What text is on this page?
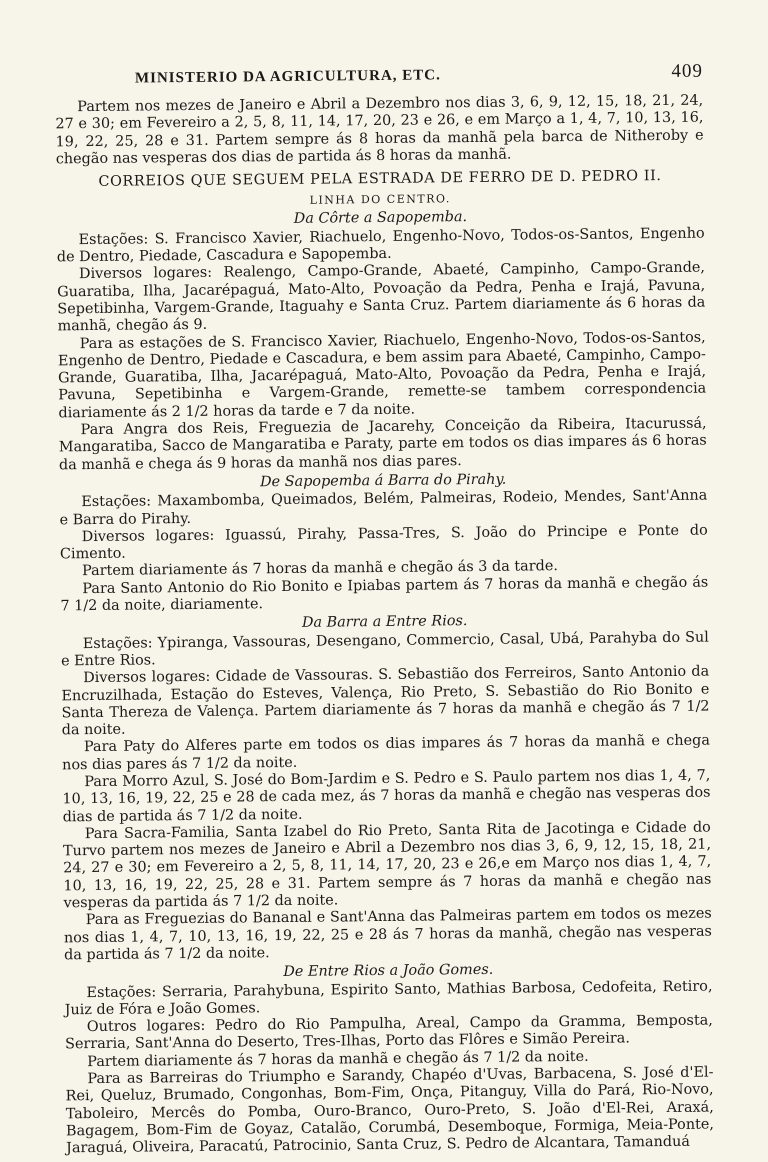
MINISTERIO DA AGRICULTURA, ETC.	409

Partem nos mezes de Janeiro e Abril a Dezembro nos dias 3, 6, 9, 12, 15, 18, 21, 24, 27 e 30; em Fevereiro a 2, 5, 8, 11, 14, 17, 20, 23 e 26, e em Março a 1, 4, 7, 10, 13, 16, 19, 22, 25, 28 e 31. Partem sempre ás 8 horas da manhã pela barca de Nitheroby e chegão nas vesperas dos dias de partida ás 8 horas da manhã.

CORREIOS QUE SEGUEM PELA ESTRADA DE FERRO DE D. PEDRO II.
LINHA DO CENTRO.
Da Côrte a Sapopemba.

Estações: S. Francisco Xavier, Riachuelo, Engenho-Novo, Todos-os-Santos, Engenho de Dentro, Piedade, Cascadura e Sapopemba.

Diversos logares: Realengo, Campo-Grande, Abaeté, Campinho, Campo-Grande, Guaratiba, Ilha, Jacarépaguá, Mato-Alto, Povoação da Pedra, Penha e Irajá, Pavuna, Sepetibinha, Vargem-Grande, Itaguahy e Santa Cruz. Partem diariamente ás 6 horas da manhã, chegão ás 9.

Para as estações de S. Francisco Xavier, Riachuelo, Engenho-Novo, Todos-os-Santos, Engenho de Dentro, Piedade e Cascadura, e bem assim para Abaeté, Campinho, Campo-Grande, Guaratiba, Ilha, Jacarépaguá, Mato-Alto, Povoação da Pedra, Penha e Irajá, Pavuna, Sepetibinha e Vargem-Grande, remette-se tambem correspondencia diariamente ás 2 1/2 horas da tarde e 7 da noite.

Para Angra dos Reis, Freguezia de Jacarehy, Conceição da Ribeira, Itacurussá, Mangaratiba, Sacco de Mangaratiba e Paraty, parte em todos os dias impares ás 6 horas da manhã e chega ás 9 horas da manhã nos dias pares.

De Sapopemba á Barra do Pirahy.

Estações: Maxambomba, Queimados, Belém, Palmeiras, Rodeio, Mendes, Sant'Anna e Barra do Pirahy.

Diversos logares: Iguassú, Pirahy, Passa-Tres, S. João do Principe e Ponte do Cimento.

Partem diariamente ás 7 horas da manhã e chegão ás 3 da tarde.

Para Santo Antonio do Rio Bonito e Ipiabas partem ás 7 horas da manhã e chegão ás 7 1/2 da noite, diariamente.

Da Barra a Entre Rios.

Estações: Ypiranga, Vassouras, Desengano, Commercio, Casal, Ubá, Parahyba do Sul e Entre Rios.

Diversos logares: Cidade de Vassouras. S. Sebastião dos Ferreiros, Santo Antonio da Encruzilhada, Estação do Esteves, Valença, Rio Preto, S. Sebastião do Rio Bonito e Santa Thereza de Valença. Partem diariamente ás 7 horas da manhã e chegão ás 7 1/2 da noite.

Para Paty do Alferes parte em todos os dias impares ás 7 horas da manhã e chega nos dias pares ás 7 1/2 da noite.

Para Morro Azul, S. José do Bom-Jardim e S. Pedro e S. Paulo partem nos dias 1, 4, 7, 10, 13, 16, 19, 22, 25 e 28 de cada mez, ás 7 horas da manhã e chegão nas vesperas dos dias de partida ás 7 1/2 da noite.

Para Sacra-Familia, Santa Izabel do Rio Preto, Santa Rita de Jacotinga e Cidade do Turvo partem nos mezes de Janeiro e Abril a Dezembro nos dias 3, 6, 9, 12, 15, 18, 21, 24, 27 e 30; em Fevereiro a 2, 5, 8, 11, 14, 17, 20, 23 e 26,e em Março nos dias 1, 4, 7, 10, 13, 16, 19, 22, 25, 28 e 31. Partem sempre ás 7 horas da manhã e chegão nas vesperas da partida ás 7 1/2 da noite.

Para as Freguezias do Bananal e Sant'Anna das Palmeiras partem em todos os mezes nos dias 1, 4, 7, 10, 13, 16, 19, 22, 25 e 28 ás 7 horas da manhã, chegão nas vesperas da partida ás 7 1/2 da noite.

De Entre Rios a João Gomes.

Estações: Serraria, Parahybuna, Espirito Santo, Mathias Barbosa, Cedofeita, Retiro, Juiz de Fóra e João Gomes.

Outros logares: Pedro do Rio Pampulha, Areal, Campo da Gramma, Bemposta, Serraria, Sant'Anna do Deserto, Tres-Ilhas, Porto das Flôres e Simão Pereira.

Partem diariamente ás 7 horas da manhã e chegão ás 7 1/2 da noite.

Para as Barreiras do Triumpho e Sarandy, Chapéo d'Uvas, Barbacena, S. José d'El-Rei, Queluz, Brumado, Congonhas, Bom-Fim, Onça, Pitanguy, Villa do Pará, Rio-Novo, Taboleiro, Mercês do Pomba, Ouro-Branco, Ouro-Preto, S. João d'El-Rei, Araxá, Bagagem, Bom-Fim de Goyaz, Catalão, Corumbá, Desemboque, Formiga, Meia-Ponte, Jaraguá, Oliveira, Paracatú, Patrocinio, Santa Cruz, S. Pedro de Alcantara, Tamanduá
